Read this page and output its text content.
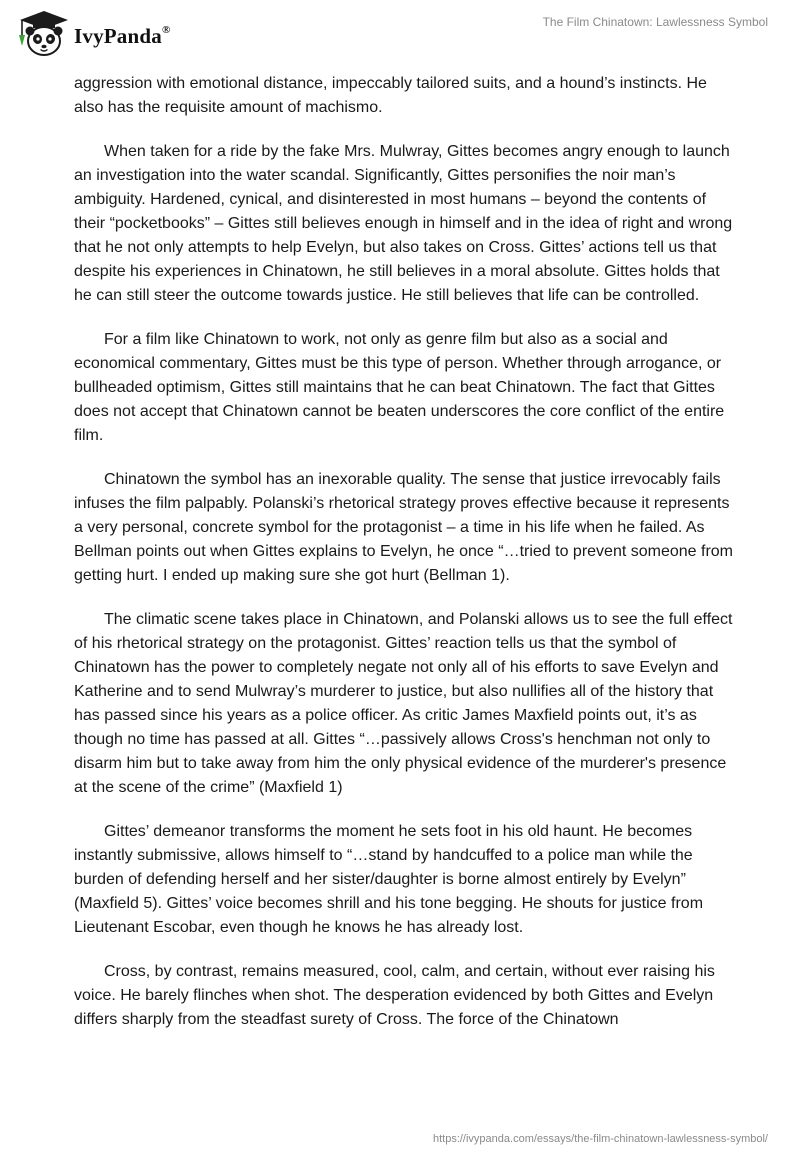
IvyPanda®
The Film Chinatown: Lawlessness Symbol

aggression with emotional distance, impeccably tailored suits, and a hound’s instincts. He also has the requisite amount of machismo.

When taken for a ride by the fake Mrs. Mulwray, Gittes becomes angry enough to launch an investigation into the water scandal. Significantly, Gittes personifies the noir man’s ambiguity. Hardened, cynical, and disinterested in most humans – beyond the contents of their “pocketbooks” – Gittes still believes enough in himself and in the idea of right and wrong that he not only attempts to help Evelyn, but also takes on Cross. Gittes’ actions tell us that despite his experiences in Chinatown, he still believes in a moral absolute. Gittes holds that he can still steer the outcome towards justice. He still believes that life can be controlled.

For a film like Chinatown to work, not only as genre film but also as a social and economical commentary, Gittes must be this type of person. Whether through arrogance, or bullheaded optimism, Gittes still maintains that he can beat Chinatown. The fact that Gittes does not accept that Chinatown cannot be beaten underscores the core conflict of the entire film.

Chinatown the symbol has an inexorable quality. The sense that justice irrevocably fails infuses the film palpably. Polanski’s rhetorical strategy proves effective because it represents a very personal, concrete symbol for the protagonist – a time in his life when he failed. As Bellman points out when Gittes explains to Evelyn, he once “…tried to prevent someone from getting hurt. I ended up making sure she got hurt (Bellman 1).

The climatic scene takes place in Chinatown, and Polanski allows us to see the full effect of his rhetorical strategy on the protagonist. Gittes’ reaction tells us that the symbol of Chinatown has the power to completely negate not only all of his efforts to save Evelyn and Katherine and to send Mulwray’s murderer to justice, but also nullifies all of the history that has passed since his years as a police officer. As critic James Maxfield points out, it’s as though no time has passed at all. Gittes “…passively allows Cross's henchman not only to disarm him but to take away from him the only physical evidence of the murderer's presence at the scene of the crime” (Maxfield 1)

Gittes’ demeanor transforms the moment he sets foot in his old haunt. He becomes instantly submissive, allows himself to “…stand by handcuffed to a police man while the burden of defending herself and her sister/daughter is borne almost entirely by Evelyn” (Maxfield 5). Gittes’ voice becomes shrill and his tone begging. He shouts for justice from Lieutenant Escobar, even though he knows he has already lost.

Cross, by contrast, remains measured, cool, calm, and certain, without ever raising his voice. He barely flinches when shot. The desperation evidenced by both Gittes and Evelyn differs sharply from the steadfast surety of Cross. The force of the Chinatown

https://ivypanda.com/essays/the-film-chinatown-lawlessness-symbol/
